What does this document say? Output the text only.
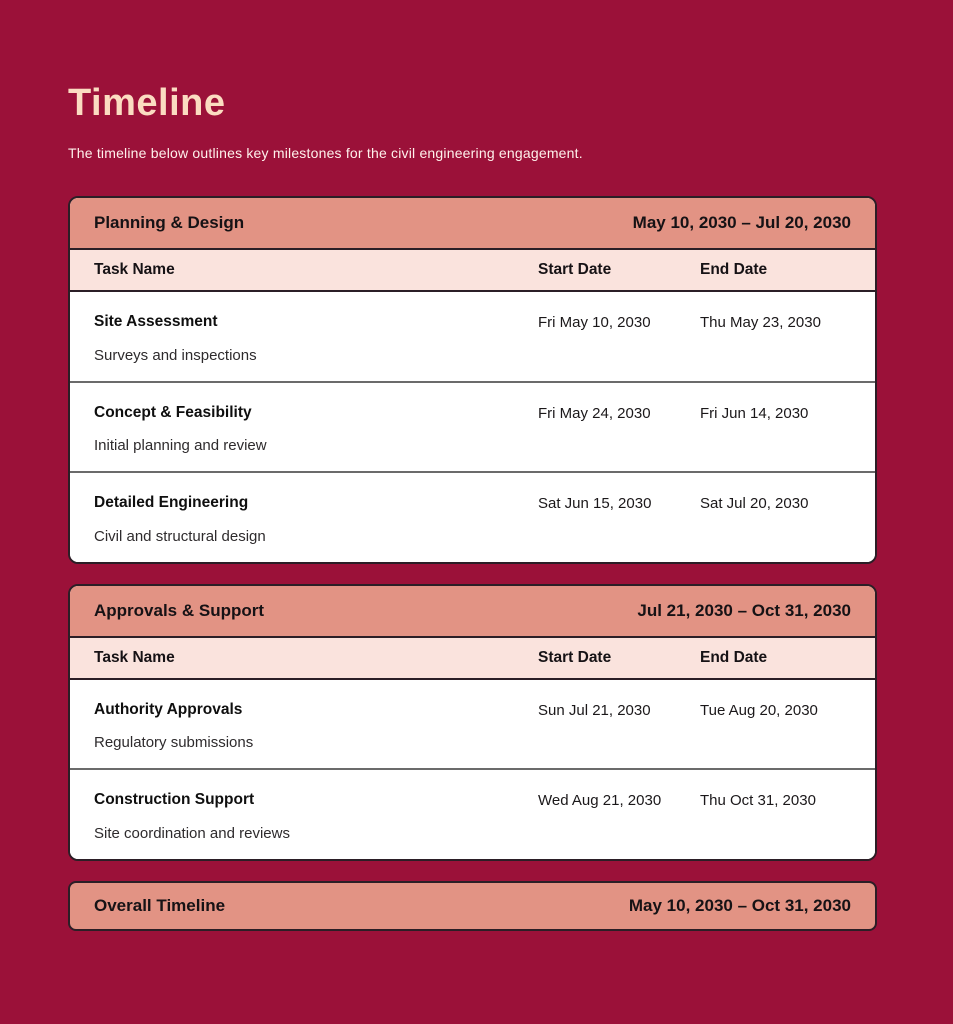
Timeline
The timeline below outlines key milestones for the civil engineering engagement.
Planning & Design	May 10, 2030 – Jul 20, 2030
Task Name	Start Date	End Date
Site Assessment
Surveys and inspections
Fri May 10, 2030	Thu May 23, 2030
Concept & Feasibility
Initial planning and review
Fri May 24, 2030	Fri Jun 14, 2030
Detailed Engineering
Civil and structural design
Sat Jun 15, 2030	Sat Jul 20, 2030
Approvals & Support	Jul 21, 2030 – Oct 31, 2030
Task Name	Start Date	End Date
Authority Approvals
Regulatory submissions
Sun Jul 21, 2030	Tue Aug 20, 2030
Construction Support
Site coordination and reviews
Wed Aug 21, 2030	Thu Oct 31, 2030
Overall Timeline	May 10, 2030 – Oct 31, 2030
